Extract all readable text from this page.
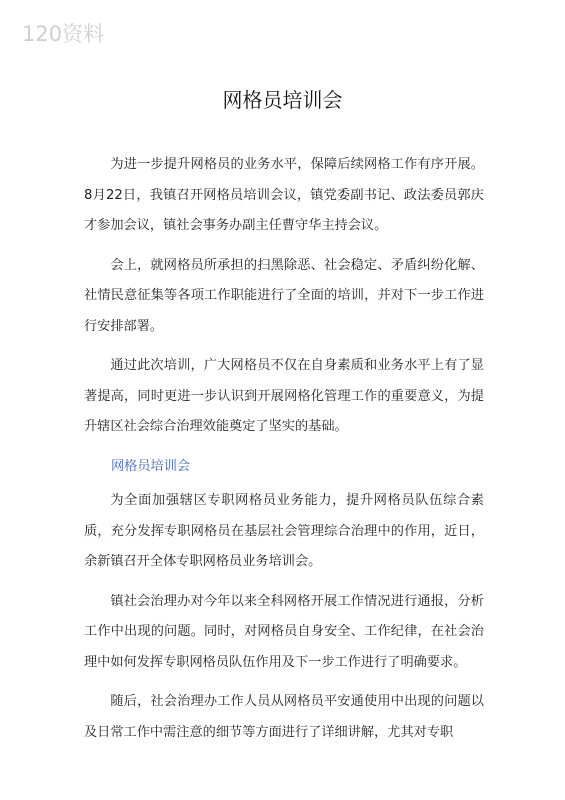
120资料
网格员培训会

为进一步提升网格员的业务水平，保障后续网格工作有序开展。8月22日，我镇召开网格员培训会议，镇党委副书记、政法委员郭庆才参加会议，镇社会事务办副主任曹守华主持会议。

会上，就网格员所承担的扫黑除恶、社会稳定、矛盾纠纷化解、社情民意征集等各项工作职能进行了全面的培训，并对下一步工作进行安排部署。

通过此次培训，广大网格员不仅在自身素质和业务水平上有了显著提高，同时更进一步认识到开展网格化管理工作的重要意义，为提升辖区社会综合治理效能奠定了坚实的基础。

网格员培训会

为全面加强辖区专职网格员业务能力，提升网格员队伍综合素质，充分发挥专职网格员在基层社会管理综合治理中的作用，近日，余新镇召开全体专职网格员业务培训会。

镇社会治理办对今年以来全科网格开展工作情况进行通报，分析工作中出现的问题。同时，对网格员自身安全、工作纪律，在社会治理中如何发挥专职网格员队伍作用及下一步工作进行了明确要求。

随后，社会治理办工作人员从网格员平安通使用中出现的问题以及日常工作中需注意的细节等方面进行了详细讲解，尤其对专职
